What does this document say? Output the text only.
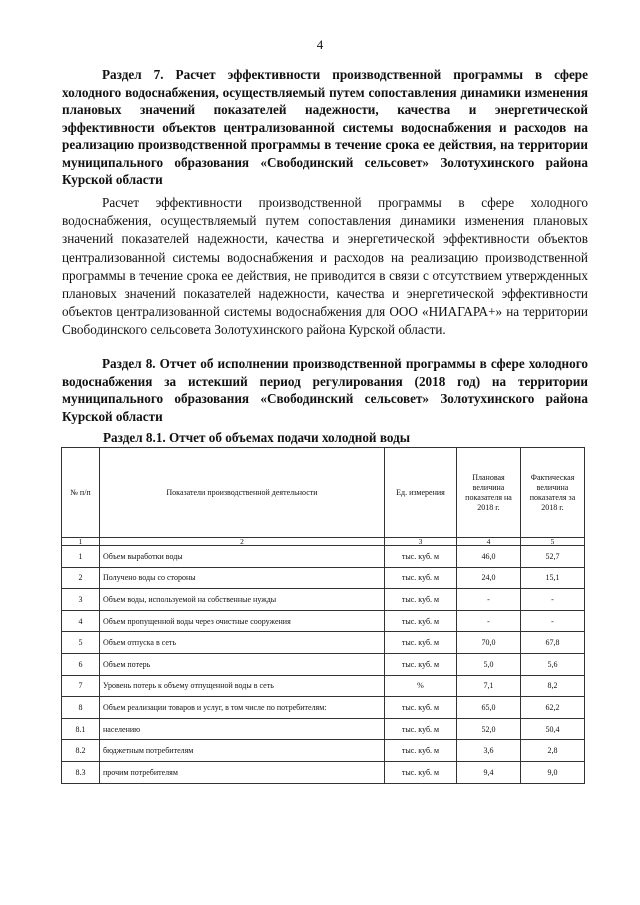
4
Раздел 7. Расчет эффективности производственной программы в сфере холодного водоснабжения, осуществляемый путем сопоставления динамики изменения плановых значений показателей надежности, качества и энергетической эффективности объектов централизованной системы водоснабжения и расходов на реализацию производственной программы в течение срока ее действия, на территории муниципального образования «Свободинский сельсовет» Золотухинского района Курской области
Расчет эффективности производственной программы в сфере холодного водоснабжения, осуществляемый путем сопоставления динамики изменения плановых значений показателей надежности, качества и энергетической эффективности объектов централизованной системы водоснабжения и расходов на реализацию производственной программы в течение срока ее действия, не приводится в связи с отсутствием утвержденных плановых значений показателей надежности, качества и энергетической эффективности объектов централизованной системы водоснабжения для ООО «НИАГАРА+» на территории Свободинского сельсовета Золотухинского района Курской области.
Раздел 8. Отчет об исполнении производственной программы в сфере холодного водоснабжения за истекший период регулирования (2018 год) на территории муниципального образования «Свободинский сельсовет» Золотухинского района Курской области
Раздел 8.1. Отчет об объемах подачи холодной воды
№ п/п	Показатели производственной деятельности	Ед. измерения	Плановая величина показателя на 2018 г.	Фактическая величина показателя за 2018 г.
1	2	3	4	5
1	Объем выработки воды	тыс. куб. м	46,0	52,7
2	Получено воды со стороны	тыс. куб. м	24,0	15,1
3	Объем воды, используемой на собственные нужды	тыс. куб. м	-	-
4	Объем пропущенной воды через очистные сооружения	тыс. куб. м	-	-
5	Объем отпуска в сеть	тыс. куб. м	70,0	67,8
6	Объем потерь	тыс. куб. м	5,0	5,6
7	Уровень потерь к объему отпущенной воды в сеть	%	7,1	8,2
8	Объем реализации товаров и услуг, в том числе по потребителям:	тыс. куб. м	65,0	62,2
8.1	населению	тыс. куб. м	52,0	50,4
8.2	бюджетным потребителям	тыс. куб. м	3,6	2,8
8.3	прочим потребителям	тыс. куб. м	9,4	9,0
